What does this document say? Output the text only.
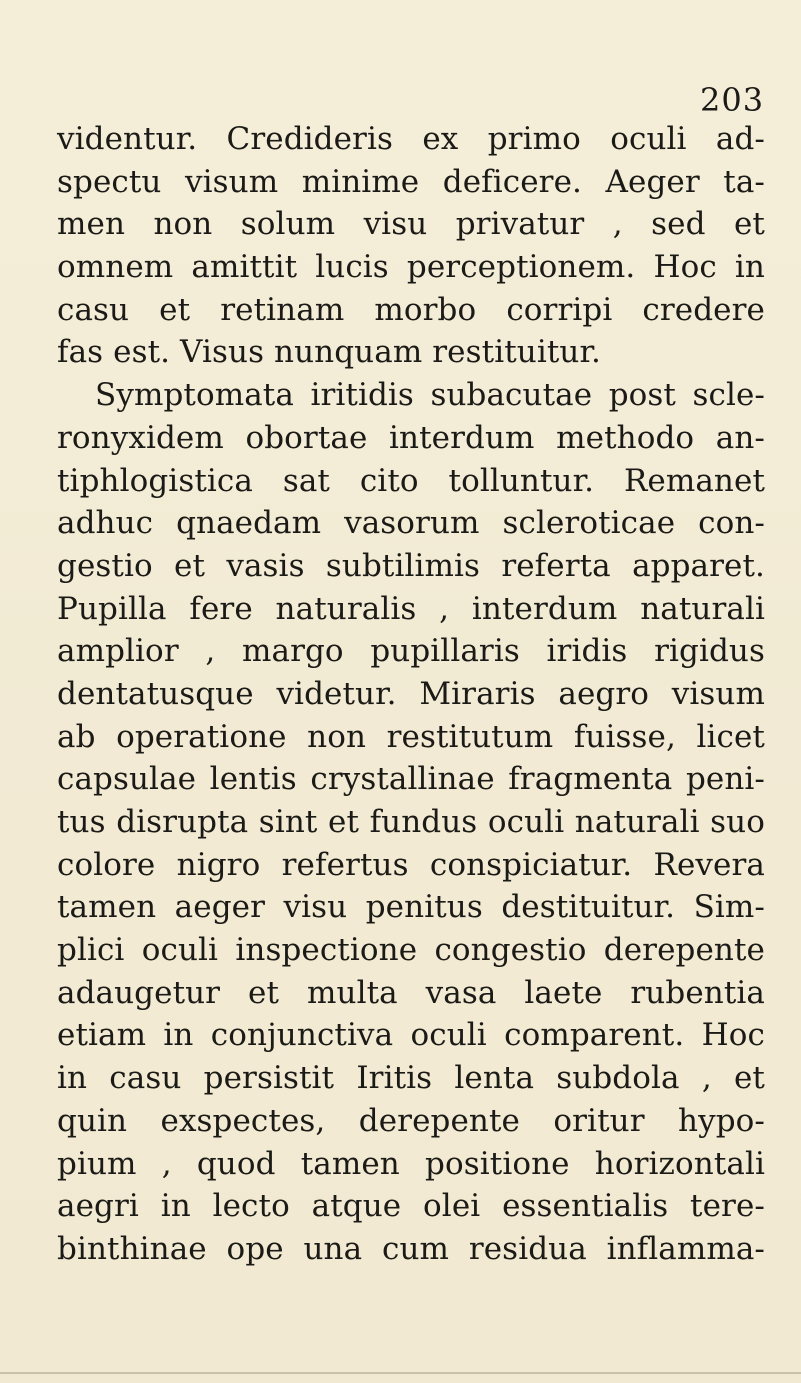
203
videntur. Credideris ex primo oculi ad-
spectu visum minime deficere. Aeger ta-
men non solum visu privatur , sed et
omnem amittit lucis perceptionem. Hoc in
casu et retinam morbo corripi credere
fas est. Visus nunquam restituitur.
Symptomata iritidis subacutae post scle-
ronyxidem obortae interdum methodo an-
tiphlogistica sat cito tolluntur. Remanet
adhuc qnaedam vasorum scleroticae con-
gestio et vasis subtilimis referta apparet.
Pupilla fere naturalis , interdum naturali
amplior , margo pupillaris iridis rigidus
dentatusque videtur. Miraris aegro visum
ab operatione non restitutum fuisse, licet
capsulae lentis crystallinae fragmenta peni-
tus disrupta sint et fundus oculi naturali suo
colore nigro refertus conspiciatur. Revera
tamen aeger visu penitus destituitur. Sim-
plici oculi inspectione congestio derepente
adaugetur et multa vasa laete rubentia
etiam in conjunctiva oculi comparent. Hoc
in casu persistit Iritis lenta subdola , et
quin exspectes, derepente oritur hypo-
pium , quod tamen positione horizontali
aegri in lecto atque olei essentialis tere-
binthinae ope una cum residua inflamma-
